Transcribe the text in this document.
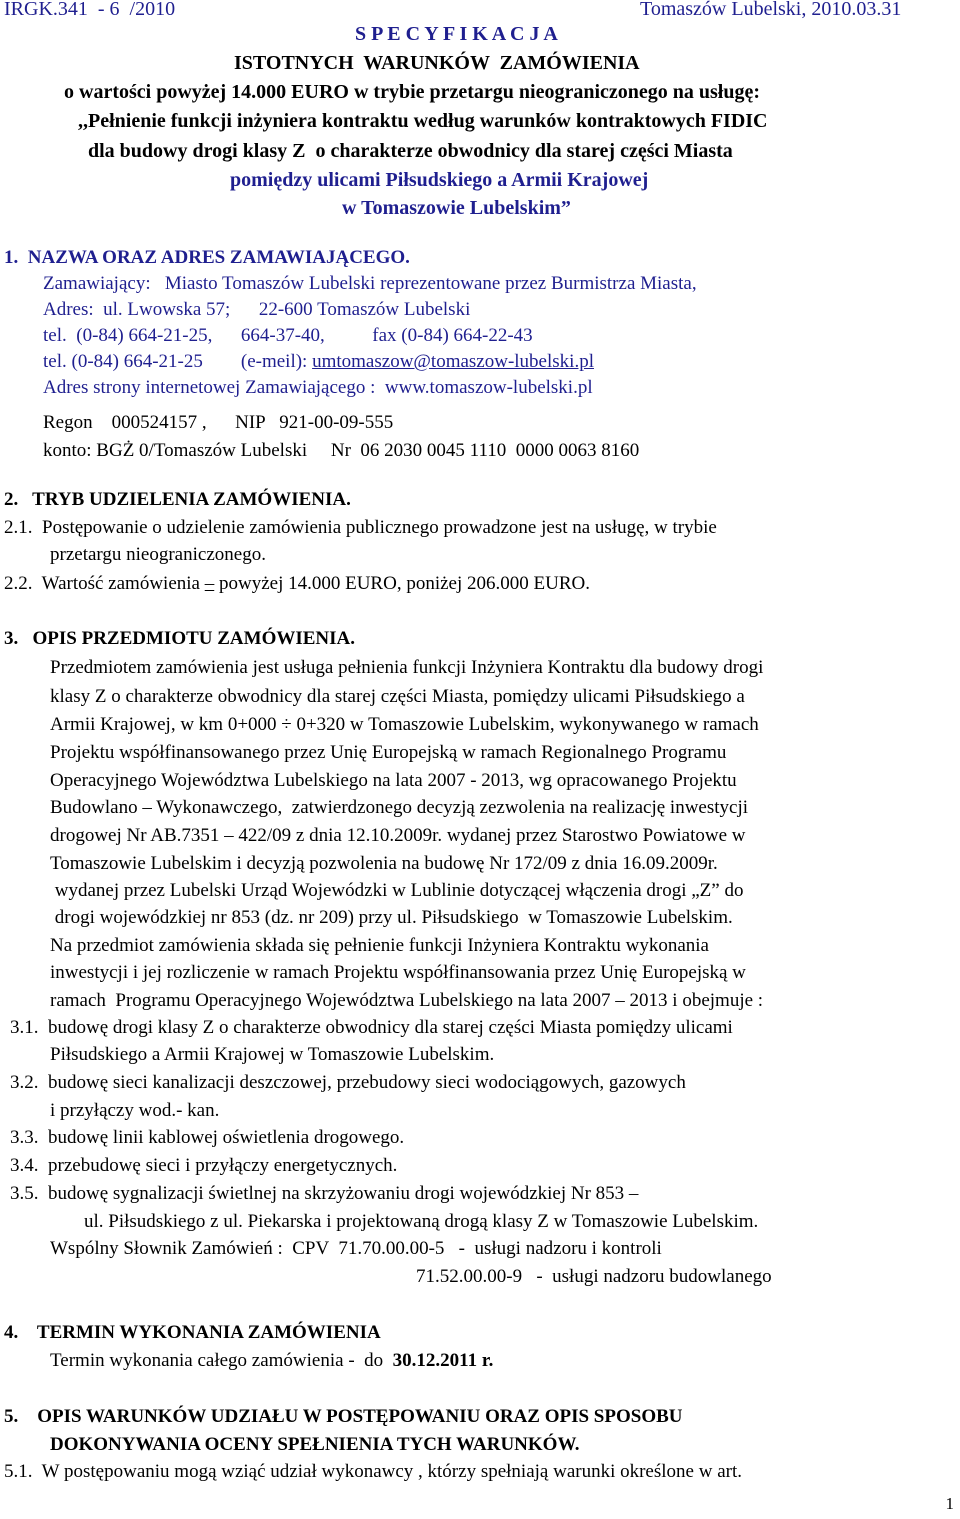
IRGK.341  - 6  /2010	Tomaszów Lubelski, 2010.03.31
S P E C Y F I K A C J A
ISTOTNYCH  WARUNKÓW  ZAMÓWIENIA
o wartości powyżej 14.000 EURO w trybie przetargu nieograniczonego na usługę:
,,Pełnienie funkcji inżyniera kontraktu według warunków kontraktowych FIDIC
dla budowy drogi klasy Z  o charakterze obwodnicy dla starej części Miasta
pomiędzy ulicami Piłsudskiego a Armii Krajowej
w Tomaszowie Lubelskim”
1.  NAZWA ORAZ ADRES ZAMAWIAJĄCEGO.
Zamawiający:   Miasto Tomaszów Lubelski reprezentowane przez Burmistrza Miasta,
Adres:  ul. Lwowska 57;      22-600 Tomaszów Lubelski
tel.  (0-84) 664-21-25,      664-37-40,          fax (0-84) 664-22-43
tel. (0-84) 664-21-25        (e-meil): umtomaszow@tomaszow-lubelski.pl
Adres strony internetowej Zamawiającego :  www.tomaszow-lubelski.pl
Regon    000524157 ,      NIP   921-00-09-555
konto: BGŻ 0/Tomaszów Lubelski     Nr  06 2030 0045 1110  0000 0063 8160
2.   TRYB UDZIELENIA ZAMÓWIENIA.
2.1.  Postępowanie o udzielenie zamówienia publicznego prowadzone jest na usługę, w trybie
przetargu nieograniczonego.
2.2.  Wartość zamówienia – powyżej 14.000 EURO, poniżej 206.000 EURO.
3.   OPIS PRZEDMIOTU ZAMÓWIENIA.
Przedmiotem zamówienia jest usługa pełnienia funkcji Inżyniera Kontraktu dla budowy drogi
klasy Z o charakterze obwodnicy dla starej części Miasta, pomiędzy ulicami Piłsudskiego a
Armii Krajowej, w km 0+000 ÷ 0+320 w Tomaszowie Lubelskim, wykonywanego w ramach
Projektu współfinansowanego przez Unię Europejską w ramach Regionalnego Programu
Operacyjnego Województwa Lubelskiego na lata 2007 - 2013, wg opracowanego Projektu
Budowlano – Wykonawczego,  zatwierdzonego decyzją zezwolenia na realizację inwestycji
drogowej Nr AB.7351 – 422/09 z dnia 12.10.2009r. wydanej przez Starostwo Powiatowe w
Tomaszowie Lubelskim i decyzją pozwolenia na budowę Nr 172/09 z dnia 16.09.2009r.
wydanej przez Lubelski Urząd Wojewódzki w Lublinie dotyczącej włączenia drogi „Z” do
drogi wojewódzkiej nr 853 (dz. nr 209) przy ul. Piłsudskiego  w Tomaszowie Lubelskim.
Na przedmiot zamówienia składa się pełnienie funkcji Inżyniera Kontraktu wykonania
inwestycji i jej rozliczenie w ramach Projektu współfinansowania przez Unię Europejską w
ramach  Programu Operacyjnego Województwa Lubelskiego na lata 2007 – 2013 i obejmuje :
3.1.  budowę drogi klasy Z o charakterze obwodnicy dla starej części Miasta pomiędzy ulicami
Piłsudskiego a Armii Krajowej w Tomaszowie Lubelskim.
3.2.  budowę sieci kanalizacji deszczowej, przebudowy sieci wodociągowych, gazowych
i przyłączy wod.- kan.
3.3.  budowę linii kablowej oświetlenia drogowego.
3.4.  przebudowę sieci i przyłączy energetycznych.
3.5.  budowę sygnalizacji świetlnej na skrzyżowaniu drogi wojewódzkiej Nr 853 –
ul. Piłsudskiego z ul. Piekarska i projektowaną drogą klasy Z w Tomaszowie Lubelskim.
Wspólny Słownik Zamówień :  CPV  71.70.00.00-5   -  usługi nadzoru i kontroli
71.52.00.00-9   -  usługi nadzoru budowlanego
4.    TERMIN WYKONANIA ZAMÓWIENIA
Termin wykonania całego zamówienia -  do  30.12.2011 r.
5.    OPIS WARUNKÓW UDZIAŁU W POSTĘPOWANIU ORAZ OPIS SPOSOBU
DOKONYWANIA OCENY SPEŁNIENIA TYCH WARUNKÓW.
5.1.  W postępowaniu mogą wziąć udział wykonawcy , którzy spełniają warunki określone w art.
1
